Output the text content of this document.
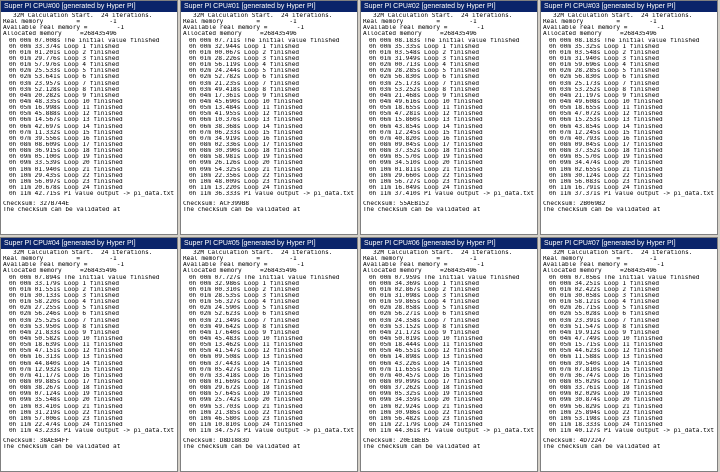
Super PI CPU#00 [generated by Hyper PI]
32M Calculation Start.  24 iterations.
Real memory         =        -1
Available real memory =        -1
Allocated memory     =268435496
0h 00m 07.008s The initial value finished
0h 00m 33.374s Loop 1 finished
0h 01m 01.201s Loop 2 finished
0h 01m 29.776s Loop 3 finished
0h 01m 57.976s Loop 4 finished
0h 02m 25.533s Loop 5 finished
0h 02m 53.641s Loop 6 finished
0h 03m 23.957s Loop 7 finished
0h 03m 52.128s Loop 8 finished
0h 04m 20.282s Loop 9 finished
0h 04m 48.335s Loop 10 finished
0h 05m 16.998s Loop 11 finished
0h 05m 45.888s Loop 12 finished
0h 06m 14.567s Loop 13 finished
0h 06m 42.697s Loop 14 finished
0h 07m 11.332s Loop 15 finished
0h 07m 39.556s Loop 16 finished
0h 08m 08.609s Loop 17 finished
0h 08m 36.915s Loop 18 finished
0h 09m 05.100s Loop 19 finished
0h 09m 33.539s Loop 20 finished
0h 10m 01.940s Loop 21 finished
0h 10m 29.435s Loop 22 finished
0h 10m 56.097s Loop 23 finished
0h 11m 20.678s Loop 24 finished
0h 11m 42.715s PI value output -> pi_data.txt
Checksum: 327B744E
The checksum can be validated at
Super PI CPU#01 [generated by Hyper PI]
32M Calculation Start.  24 iterations.
Real memory         =        -1
Available real memory =        -1
Allocated memory     =268435496
0h 00m 07.711s The initial value finished
0h 00m 32.944s Loop 1 finished
0h 01m 00.067s Loop 2 finished
0h 01m 28.226s Loop 3 finished
0h 01m 56.119s Loop 4 finished
0h 02m 24.244s Loop 5 finished
0h 02m 52.782s Loop 6 finished
0h 03m 21.235s Loop 7 finished
0h 03m 49.418s Loop 8 finished
0h 04m 17.361s Loop 9 finished
0h 04m 45.690s Loop 10 finished
0h 05m 13.484s Loop 11 finished
0h 05m 41.955s Loop 12 finished
0h 06m 10.376s Loop 13 finished
0h 06m 38.368s Loop 14 finished
0h 07m 06.233s Loop 15 finished
0h 07m 34.919s Loop 16 finished
0h 08m 02.336s Loop 17 finished
0h 08m 30.390s Loop 18 finished
0h 08m 58.981s Loop 19 finished
0h 09m 26.126s Loop 20 finished
0h 09m 54.325s Loop 21 finished
0h 10m 22.356s Loop 22 finished
0h 10m 48.009s Loop 23 finished
0h 11m 13.220s Loop 24 finished
0h 11m 36.333s PI value output -> pi_data.txt
Checksum: ACF399B8
The checksum can be validated at
Super PI CPU#02 [generated by Hyper PI]
32M Calculation Start.  24 iterations.
Real memory         =        -1
Available real memory =        -1
Allocated memory     =268435496
0h 00m 08.183s The initial value finished
0h 00m 35.335s Loop 1 finished
0h 01m 03.548s Loop 2 finished
0h 01m 31.949s Loop 3 finished
0h 02m 00.713s Loop 4 finished
0h 02m 28.285s Loop 5 finished
0h 02m 56.830s Loop 6 finished
0h 03m 25.173s Loop 7 finished
0h 03m 53.252s Loop 8 finished
0h 04m 21.468s Loop 9 finished
0h 04m 49.616s Loop 10 finished
0h 05m 18.655s Loop 11 finished
0h 05m 47.281s Loop 12 finished
0h 06m 15.860s Loop 13 finished
0h 06m 43.854s Loop 14 finished
0h 07m 12.245s Loop 15 finished
0h 07m 40.820s Loop 16 finished
0h 08m 09.045s Loop 17 finished
0h 08m 37.352s Loop 18 finished
0h 09m 05.570s Loop 19 finished
0h 09m 34.510s Loop 20 finished
0h 10m 01.811s Loop 21 finished
0h 10m 29.660s Loop 22 finished
0h 10m 56.727s Loop 23 finished
0h 11m 16.049s Loop 24 finished
0h 11m 37.410s PI value output -> pi_data.txt
Checksum: 55AEB152
The checksum can be validated at
Super PI CPU#03 [generated by Hyper PI]
32M Calculation Start.  24 iterations.
Real memory         =        -1
Available real memory =        -1
Allocated memory     =268435496
0h 00m 08.183s The initial value finished
0h 00m 35.325s Loop 1 finished
0h 01m 03.548s Loop 2 finished
0h 01m 31.940s Loop 3 finished
0h 01m 59.696s Loop 4 finished
0h 02m 28.285s Loop 5 finished
0h 02m 56.830s Loop 6 finished
0h 03m 25.173s Loop 7 finished
0h 03m 53.252s Loop 8 finished
0h 04m 21.197s Loop 9 finished
0h 04m 49.608s Loop 10 finished
0h 05m 18.655s Loop 11 finished
0h 05m 47.072s Loop 12 finished
0h 06m 15.253s Loop 13 finished
0h 06m 43.854s Loop 14 finished
0h 07m 12.245s Loop 15 finished
0h 07m 40.793s Loop 16 finished
0h 08m 09.045s Loop 17 finished
0h 08m 37.352s Loop 18 finished
0h 09m 05.570s Loop 19 finished
0h 09m 34.474s Loop 20 finished
0h 10m 02.655s Loop 21 finished
0h 10m 30.124s Loop 22 finished
0h 10m 56.083s Loop 23 finished
0h 11m 16.791s Loop 24 finished
0h 11m 37.371s PI value output -> pi_data.txt
Checksum: 2B069B2
The checksum can be validated at
Super PI CPU#04 [generated by Hyper PI]
32M Calculation Start.  24 iterations.
Real memory         =        -1
Available real memory =        -1
Allocated memory     =268435496
0h 00m 07.894s The initial value finished
0h 00m 33.179s Loop 1 finished
0h 01m 01.551s Loop 2 finished
0h 01m 30.133s Loop 3 finished
0h 01m 58.220s Loop 4 finished
0h 02m 27.255s Loop 5 finished
0h 02m 56.246s Loop 6 finished
0h 03m 25.525s Loop 7 finished
0h 03m 53.950s Loop 8 finished
0h 04m 21.833s Loop 9 finished
0h 04m 50.582s Loop 10 finished
0h 05m 18.639s Loop 11 finished
0h 05m 47.151s Loop 12 finished
0h 06m 16.313s Loop 13 finished
0h 06m 44.840s Loop 14 finished
0h 07m 12.932s Loop 15 finished
0h 07m 41.177s Loop 16 finished
0h 08m 09.885s Loop 17 finished
0h 08m 38.267s Loop 18 finished
0h 09m 07.124s Loop 19 finished
0h 09m 35.548s Loop 20 finished
0h 10m 03.410s Loop 21 finished
0h 10m 31.219s Loop 22 finished
0h 10m 57.006s Loop 23 finished
0h 11m 22.474s Loop 24 finished
0h 11m 43.233s PI value output -> pi_data.txt
Checksum: 38AEB4FF
The checksum can be validated at
Super PI CPU#05 [generated by Hyper PI]
32M Calculation Start.  24 iterations.
Real memory         =        -1
Available real memory =        -1
Allocated memory     =268435496
0h 00m 07.727s The initial value finished
0h 00m 32.986s Loop 1 finished
0h 01m 00.310s Loop 2 finished
0h 01m 28.535s Loop 3 finished
0h 01m 56.327s Loop 4 finished
0h 02m 24.590s Loop 5 finished
0h 02m 52.623s Loop 6 finished
0h 03m 21.349s Loop 7 finished
0h 03m 49.642s Loop 8 finished
0h 04m 17.640s Loop 9 finished
0h 04m 45.483s Loop 10 finished
0h 05m 13.462s Loop 11 finished
0h 05m 41.547s Loop 12 finished
0h 06m 09.508s Loop 13 finished
0h 06m 37.443s Loop 14 finished
0h 07m 05.427s Loop 15 finished
0h 07m 33.418s Loop 16 finished
0h 08m 01.669s Loop 17 finished
0h 08m 29.672s Loop 18 finished
0h 08m 57.645s Loop 19 finished
0h 09m 25.742s Loop 20 finished
0h 09m 53.703s Loop 21 finished
0h 10m 21.385s Loop 22 finished
0h 10m 46.580s Loop 23 finished
0h 11m 10.810s Loop 24 finished
0h 11m 34.757s PI value output -> pi_data.txt
Checksum: D8D1883D
The checksum can be validated at
Super PI CPU#06 [generated by Hyper PI]
32M Calculation Start.  24 iterations.
Real memory         =        -1
Available real memory =        -1
Allocated memory     =268435496
0h 00m 07.959s The initial value finished
0h 00m 34.369s Loop 1 finished
0h 01m 02.867s Loop 2 finished
0h 01m 31.098s Loop 3 finished
0h 01m 59.865s Loop 4 finished
0h 02m 28.058s Loop 5 finished
0h 02m 56.271s Loop 6 finished
0h 03m 24.358s Loop 7 finished
0h 03m 53.152s Loop 8 finished
0h 04m 21.172s Loop 9 finished
0h 04m 50.019s Loop 10 finished
0h 05m 18.444s Loop 11 finished
0h 05m 46.551s Loop 12 finished
0h 06m 14.898s Loop 13 finished
0h 06m 43.226s Loop 14 finished
0h 07m 11.655s Loop 15 finished
0h 07m 40.457s Loop 16 finished
0h 08m 09.099s Loop 17 finished
0h 08m 37.262s Loop 18 finished
0h 09m 05.325s Loop 19 finished
0h 09m 34.359s Loop 20 finished
0h 10m 02.924s Loop 21 finished
0h 10m 30.986s Loop 22 finished
0h 10m 56.482s Loop 23 finished
0h 11m 22.179s Loop 24 finished
0h 11m 44.361s PI value output -> pi_data.txt
Checksum: 20E1BEB5
The checksum can be validated at
Super PI CPU#07 [generated by Hyper PI]
32M Calculation Start.  24 iterations.
Real memory         =        -1
Available real memory =        -1
Allocated memory     =268435496
0h 00m 07.056s The initial value finished
0h 00m 34.251s Loop 1 finished
0h 01m 02.422s Loop 2 finished
0h 01m 30.058s Loop 3 finished
0h 01m 58.121s Loop 4 finished
0h 02m 26.715s Loop 5 finished
0h 02m 55.028s Loop 6 finished
0h 03m 23.391s Loop 7 finished
0h 03m 51.547s Loop 8 finished
0h 04m 19.912s Loop 9 finished
0h 04m 47.749s Loop 10 finished
0h 05m 15.715s Loop 11 finished
0h 05m 44.623s Loop 12 finished
0h 06m 11.588s Loop 13 finished
0h 06m 39.540s Loop 14 finished
0h 07m 07.810s Loop 15 finished
0h 07m 36.747s Loop 16 finished
0h 08m 05.029s Loop 17 finished
0h 08m 33.761s Loop 18 finished
0h 09m 02.029s Loop 19 finished
0h 09m 30.874s Loop 20 finished
0h 09m 56.829s Loop 21 finished
0h 10m 25.894s Loop 22 finished
0h 10m 53.198s Loop 23 finished
0h 11m 18.333s Loop 24 finished
0h 11m 40.127s PI value output -> pi_data.txt
Checksum: 4D72247
The checksum can be validated at
